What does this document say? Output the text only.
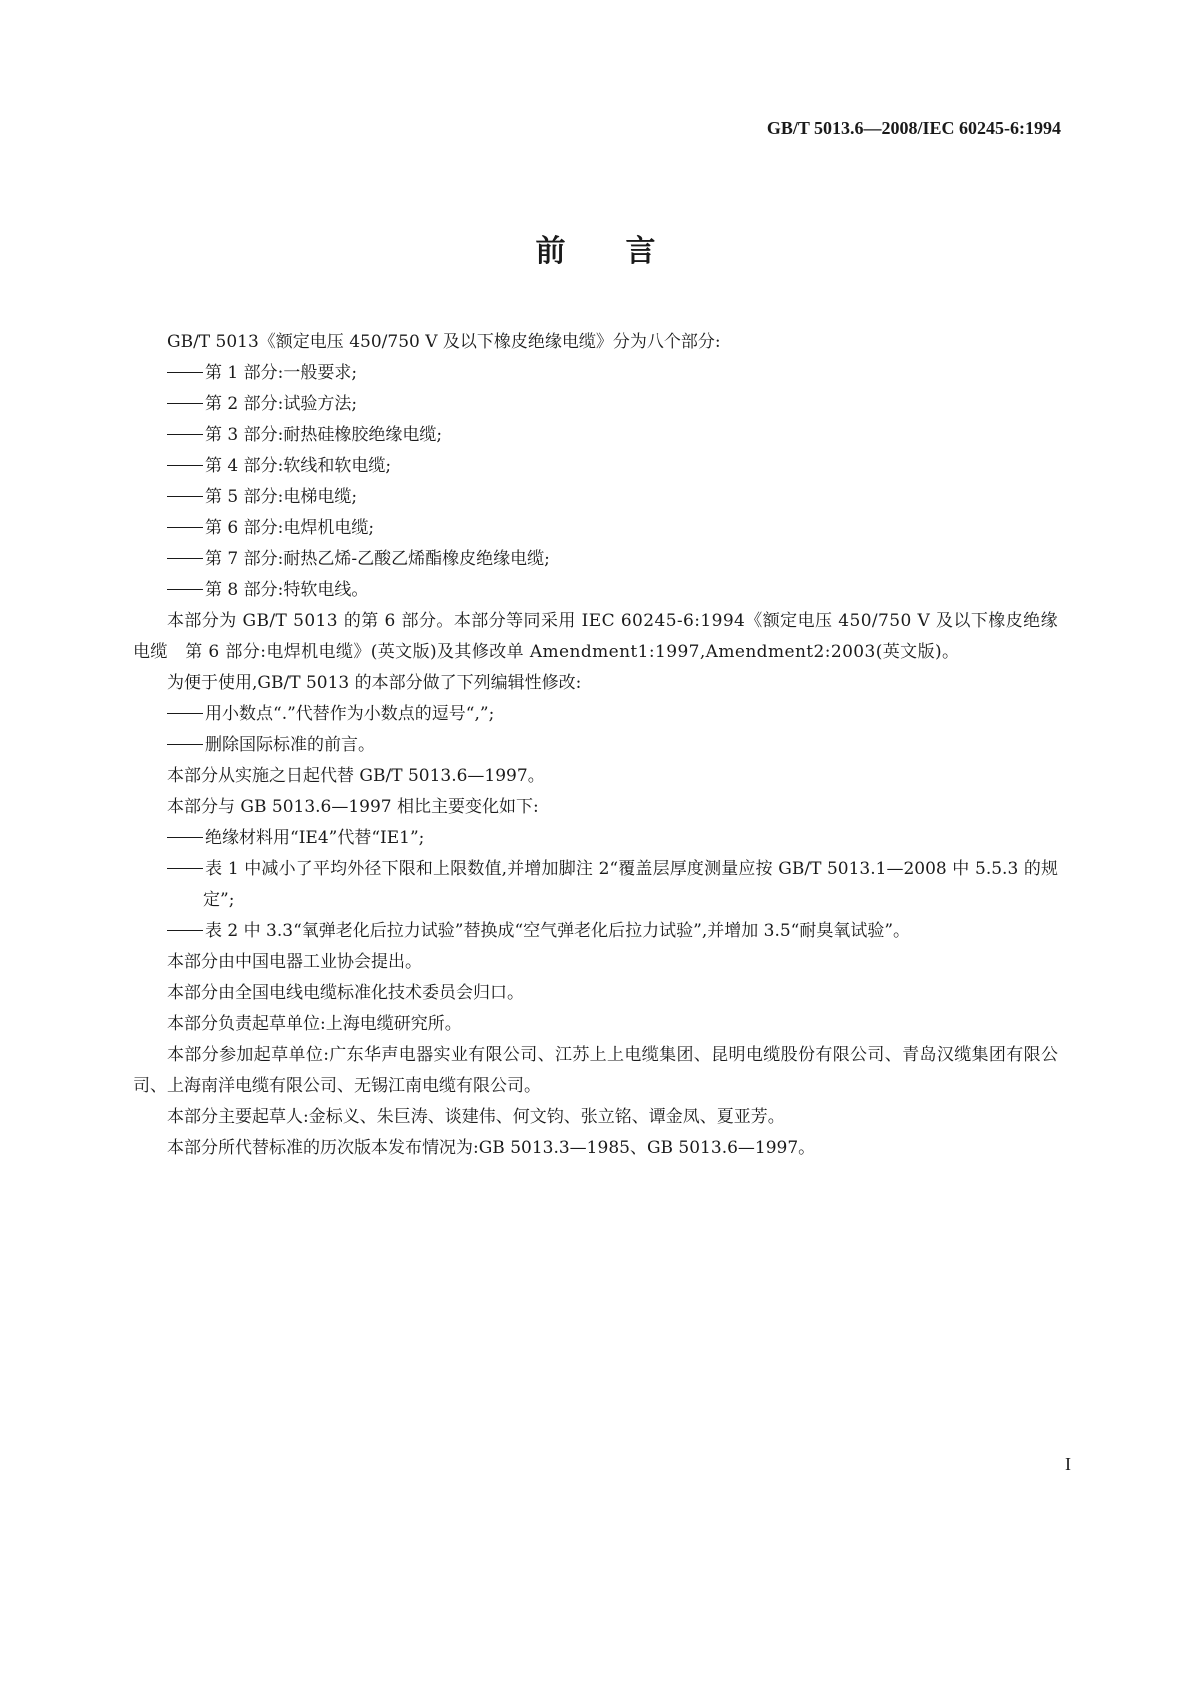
GB/T 5013.6—2008/IEC 60245-6:1994
前言

GB/T 5013《额定电压 450/750 V 及以下橡皮绝缘电缆》分为八个部分:

第 1 部分:一般要求;

第 2 部分:试验方法;

第 3 部分:耐热硅橡胶绝缘电缆;

第 4 部分:软线和软电缆;

第 5 部分:电梯电缆;

第 6 部分:电焊机电缆;

第 7 部分:耐热乙烯-乙酸乙烯酯橡皮绝缘电缆;

第 8 部分:特软电线。

本部分为 GB/T 5013 的第 6 部分。本部分等同采用 IEC 60245-6:1994《额定电压 450/750 V 及以下橡皮绝缘电缆　第 6 部分:电焊机电缆》(英文版)及其修改单 Amendment1:1997,Amendment2:2003(英文版)。

为便于使用,GB/T 5013 的本部分做了下列编辑性修改:

用小数点“.”代替作为小数点的逗号“,”;

删除国际标准的前言。

本部分从实施之日起代替 GB/T 5013.6—1997。

本部分与 GB 5013.6—1997 相比主要变化如下:

绝缘材料用“IE4”代替“IE1”;

表 1 中减小了平均外径下限和上限数值,并增加脚注 2“覆盖层厚度测量应按 GB/T 5013.1—2008 中 5.5.3 的规定”;

表 2 中 3.3“氧弹老化后拉力试验”替换成“空气弹老化后拉力试验”,并增加 3.5“耐臭氧试验”。

本部分由中国电器工业协会提出。

本部分由全国电线电缆标准化技术委员会归口。

本部分负责起草单位:上海电缆研究所。

本部分参加起草单位:广东华声电器实业有限公司、江苏上上电缆集团、昆明电缆股份有限公司、青岛汉缆集团有限公司、上海南洋电缆有限公司、无锡江南电缆有限公司。

本部分主要起草人:金标义、朱巨涛、谈建伟、何文钧、张立铭、谭金凤、夏亚芳。

本部分所代替标准的历次版本发布情况为:GB 5013.3—1985、GB 5013.6—1997。

I
